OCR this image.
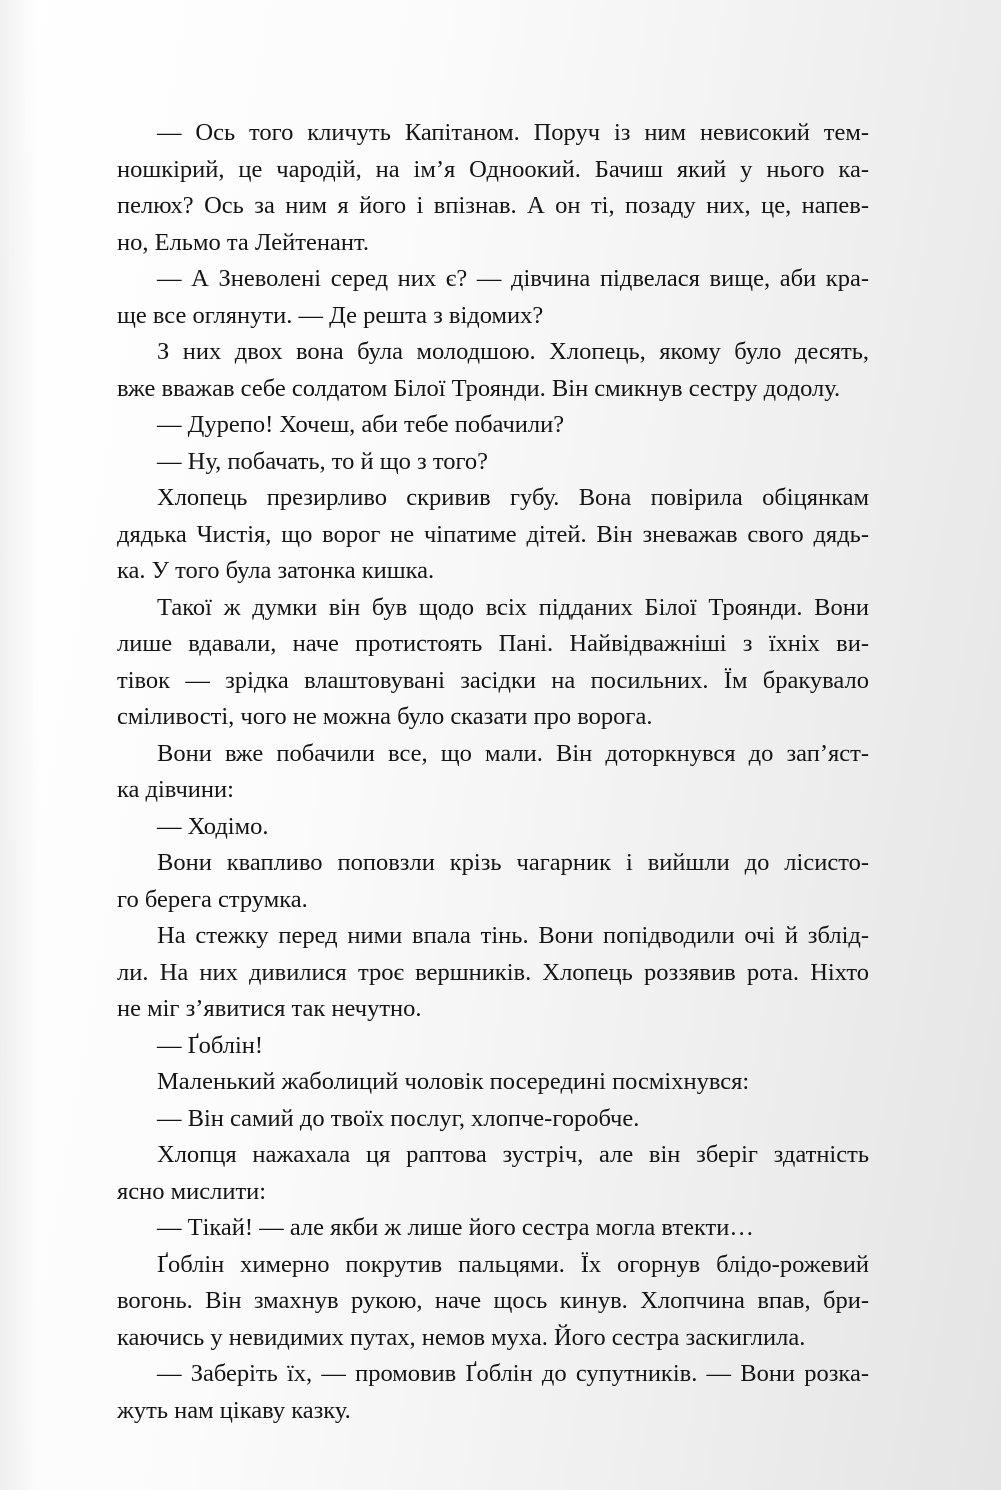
— Ось того кличуть Капітаном. Поруч із ним невисокий тем-
ношкірий, це чародій, на ім’я Одноокий. Бачиш який у нього ка-
пелюх? Ось за ним я його і впізнав. А он ті, позаду них, це, напев-
но, Ельмо та Лейтенант.

— А Зневолені серед них є? — дівчина підвелася вище, аби кра-
ще все оглянути. — Де решта з відомих?

З них двох вона була молодшою. Хлопець, якому було десять,
вже вважав себе солдатом Білої Троянди. Він смикнув сестру додолу.

— Дурепо! Хочеш, аби тебе побачили?

— Ну, побачать, то й що з того?

Хлопець презирливо скривив губу. Вона повірила обіцянкам
дядька Чистія, що ворог не чіпатиме дітей. Він зневажав свого дядь-
ка. У того була затонка кишка.

Такої ж думки він був щодо всіх підданих Білої Троянди. Вони
лише вдавали, наче протистоять Пані. Найвідважніші з їхніх ви-
тівок — зрідка влаштовувані засідки на посильних. Їм бракувало
сміливості, чого не можна було сказати про ворога.

Вони вже побачили все, що мали. Він доторкнувся до зап’яст-
ка дівчини:

— Ходімо.

Вони квапливо поповзли крізь чагарник і вийшли до лісисто-
го берега струмка.

На стежку перед ними впала тінь. Вони попідводили очі й зблід-
ли. На них дивилися троє вершників. Хлопець роззявив рота. Ніхто
не міг з’явитися так нечутно.

— Ґоблін!

Маленький жаболиций чоловік посередині посміхнувся:

— Він самий до твоїх послуг, хлопче-горобче.

Хлопця нажахала ця раптова зустріч, але він зберіг здатність
ясно мислити:

— Тікай! — але якби ж лише його сестра могла втекти…

Ґоблін химерно покрутив пальцями. Їх огорнув блідо-рожевий
вогонь. Він змахнув рукою, наче щось кинув. Хлопчина впав, бри-
каючись у невидимих путах, немов муха. Його сестра заскиглила.

— Заберіть їх, — промовив Ґоблін до супутників. — Вони розка-
жуть нам цікаву казку.
